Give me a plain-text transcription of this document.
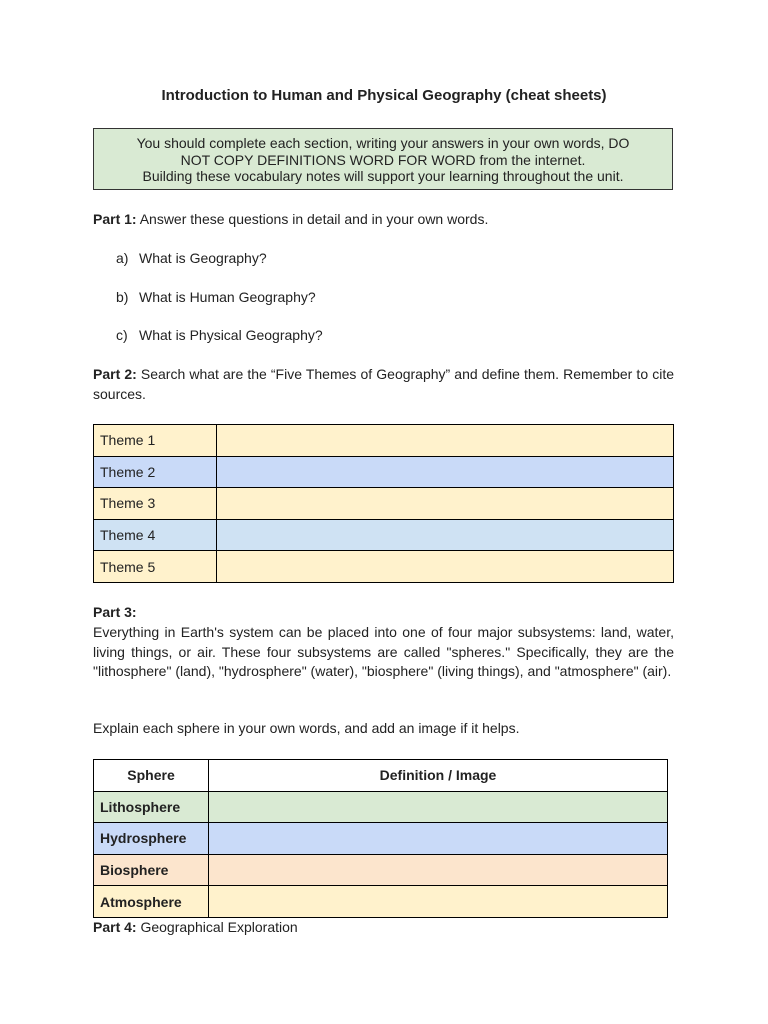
Introduction to Human and Physical Geography (cheat sheets)
You should complete each section, writing your answers in your own words, DO
NOT COPY DEFINITIONS WORD FOR WORD from the internet.
Building these vocabulary notes will support your learning throughout the unit.
Part 1: Answer these questions in detail and in your own words.
a) What is Geography?
b) What is Human Geography?
c) What is Physical Geography?
Part 2: Search what are the “Five Themes of Geography” and define them. Remember to cite sources.
Theme 1	
Theme 2	
Theme 3	
Theme 4	
Theme 5	
Part 3:
Everything in Earth's system can be placed into one of four major subsystems: land, water, living things, or air. These four subsystems are called "spheres." Specifically, they are the "lithosphere" (land), "hydrosphere" (water), "biosphere" (living things), and "atmosphere" (air).
Explain each sphere in your own words, and add an image if it helps.
Sphere	Definition / Image
Lithosphere	
Hydrosphere	
Biosphere	
Atmosphere	
Part 4: Geographical Exploration
